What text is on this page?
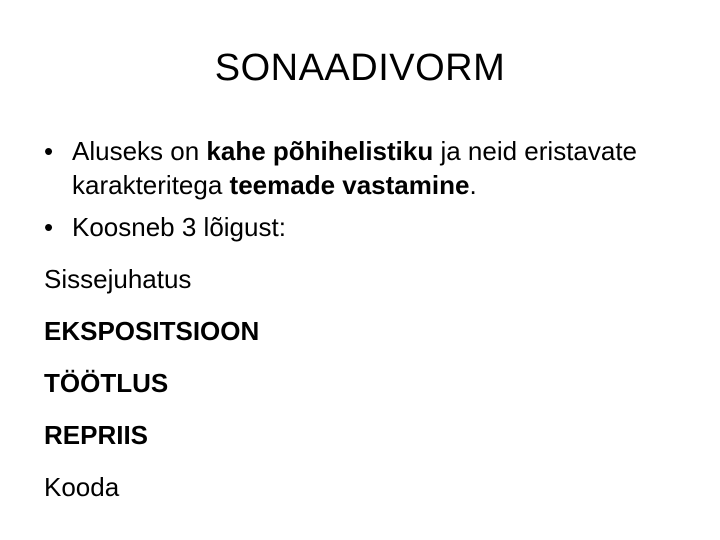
SONAADIVORM
• Aluseks on kahe põhihelistiku ja neid eristavate karakteritega teemade vastamine.
• Koosneb 3 lõigust:
Sissejuhatus
EKSPOSITSIOON
TÖÖTLUS
REPRIIS
Kooda
